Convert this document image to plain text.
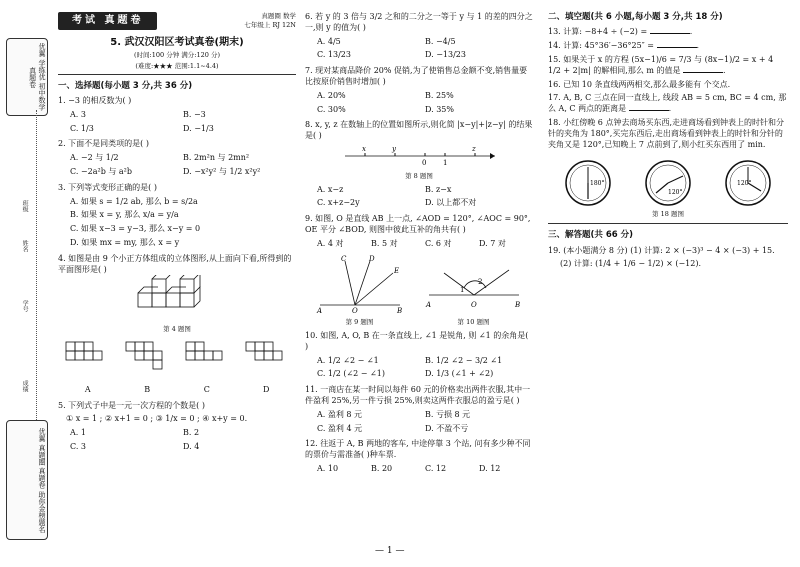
优翼 学练优 初中数学真题卷
班级
姓名
学号
成绩
优翼 真题圈 真题卷 助你金榜题名
考试 真题卷	真题圈 数学
七年级上 RJ 12N
5. 武汉汉阳区考试真卷(期末)
(时间:100 分钟 满分:120 分)
(难度:★★★ 范围:1.1~4.4)
一、选择题(每小题 3 分,共 36 分)
1. −3 的相反数为( )
A. 3	B. −3
C. 1/3	D. −1/3
2. 下面不是同类项的是( )
A. −2 与 1/2	B. 2m²n 与 2mn²
C. −2a²b 与 a²b	D. −x²y² 与 1/2 x²y²
3. 下列等式变形正确的是( )
A. 如果 s = 1/2 ab, 那么 b = s/2a
B. 如果 x = y, 那么 x/a = y/a
C. 如果 x−3 = y−3, 那么 x−y = 0
D. 如果 mx = my, 那么 x = y
4. 如图是由 9 个小正方体组成的立体图形,从上面向下看,所得到的平面图形是( )
第 4 题图
A	B	C	D
5. 下列式子中是一元一次方程的个数是( )
① x = 1 ; ② x+1 = 0 ; ③ 1/x = 0 ; ④ x+y = 0.
A. 1	B. 2
C. 3	D. 4
6. 若 y 的 3 倍与 3/2 之和的二分之一等于 y 与 1 的差的四分之一,则 y 的值为( )
A. 4/5	B. −4/5
C. 13/23	D. −13/23
7. 现对某商品降价 20% 促销,为了使销售总金额不变,销售量要比按原价销售时增加( )
A. 20%	B. 25%
C. 30%	D. 35%
8. x, y, z 在数轴上的位置如图所示,则化简 |x−y|+|z−y| 的结果是( )
x	y
0 1
z
第 8 题图
A. x−z	B. z−x
C. x+z−2y	D. 以上都不对
9. 如图, O 是直线 AB 上一点, ∠AOD = 120°, ∠AOC = 90°, OE 平分 ∠BOD, 则图中彼此互补的角共有( )
A. 4 对	B. 5 对	C. 6 对	D. 7 对
C	D
E
A	O	B
第 9 题图
A	O	B
1
2
第 10 题图
10. 如图, A, O, B 在一条直线上, ∠1 是锐角, 则 ∠1 的余角是( )
A. 1/2 ∠2 − ∠1	B. 1/2 ∠2 − 3/2 ∠1
C. 1/2 (∠2 − ∠1)	D. 1/3 (∠1 + ∠2)
11. 一商店在某一时间以每件 60 元的价格卖出两件衣服,其中一件盈利 25%,另一件亏损 25%,则卖这两件衣服总的盈亏是( )
A. 盈利 8 元	B. 亏损 8 元
C. 盈利 4 元	D. 不盈不亏
12. 往返于 A, B 两地的客车, 中途停靠 3 个站, 问有多少种不同的票价与需准备( )种车票.
A. 10	B. 20	C. 12	D. 12
二、填空题(共 6 小题,每小题 3 分,共 18 分)
13. 计算: −8+4 ÷ (−2) =	.
14. 计算: 45°36′−36°25″ =	.
15. 如果关于 x 的方程 (5x−1)/6 = 7/3 与 (8x−1)/2 = x + 4 1/2 + 2|m| 的解相同,那么 m 的值是	.
16. 已知 10 条直线两两相交,那么最多能有 个交点.
17. A, B, C 三点在同一直线上, 线段 AB = 5 cm, BC = 4 cm, 那么 A, C 两点的距离是	.
18. 小红傍晚 6 点钟去商场买东西,走进商场看到钟表上的时针和分针的夹角为 180°,买完东西后,走出商场看到钟表上的时针和分针的夹角又是 120°,已知晚上 7 点前到了,则小红买东西用了 min.
180°
120°
120°
第 18 题图
三、解答题(共 66 分)
19. (本小题满分 8 分) (1) 计算: 2 × (−3)³ − 4 × (−3) + 15.
(2) 计算: (1/4 + 1/6 − 1/2) × (−12).
— 1 —
